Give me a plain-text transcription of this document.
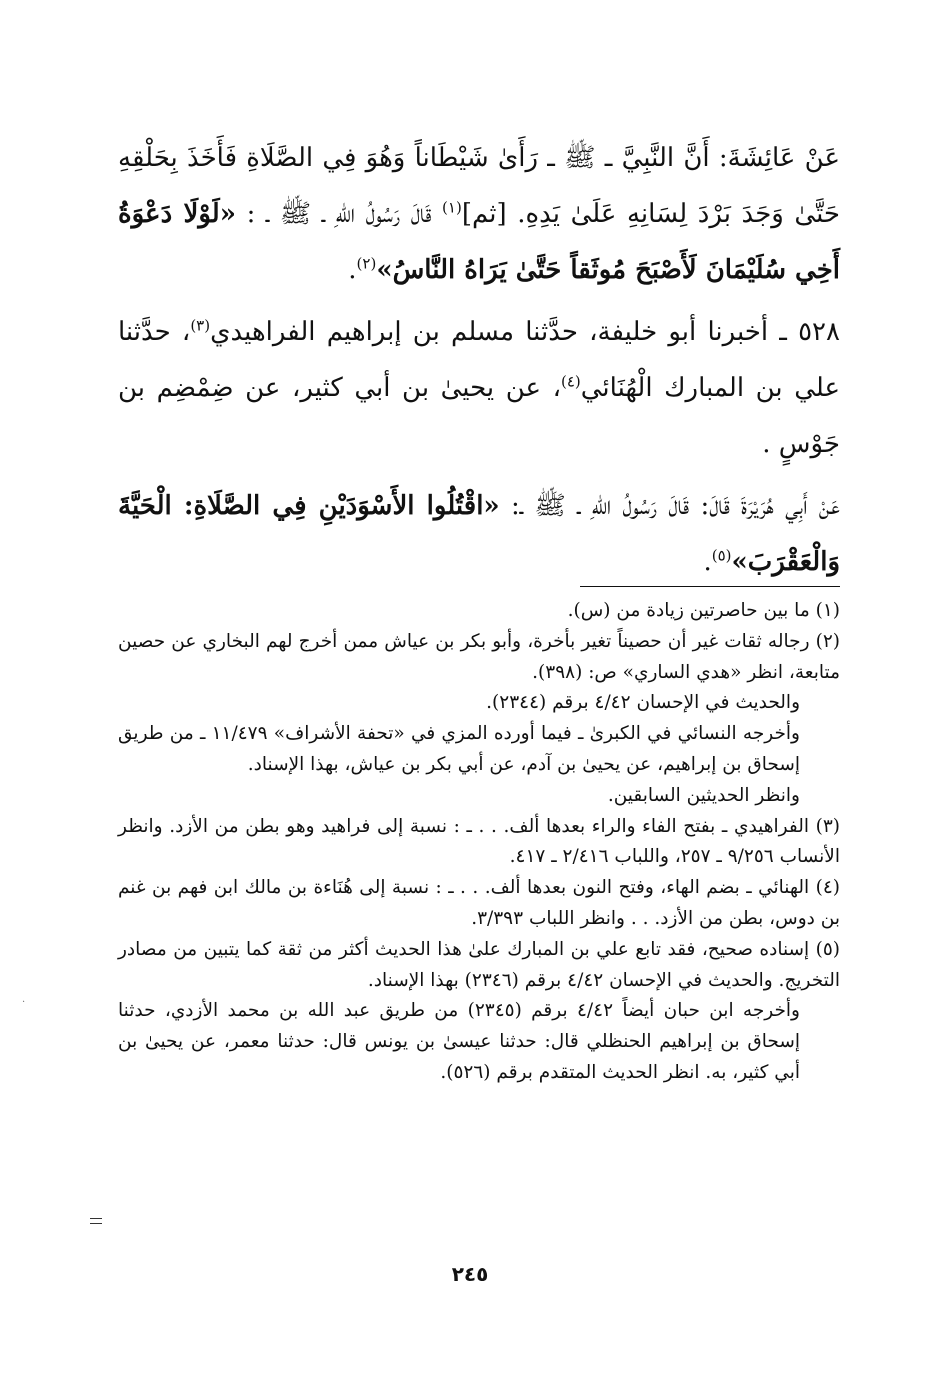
عَنْ عَائِشَةَ: أَنَّ النَّبِيَّ ـ ﷺ ـ رَأَىٰ شَيْطَاناً وَهُوَ فِي الصَّلَاةِ فَأَخَذَ بِحَلْقِهِ حَتَّىٰ وَجَدَ بَرْدَ لِسَانِهِ عَلَىٰ يَدِهِ. [ثم]$^{(١)}$ قَالَ رَسُولُ اللهِ ـ ﷺ ـ : «لَوْلَا دَعْوَةُ أَخِي سُلَيْمَانَ لَأَصْبَحَ مُوثَقاً حَتَّىٰ يَرَاهُ النَّاسُ»$^{(٢)}$.

٥٢٨ ـ أخبرنا أبو خليفة، حدَّثنا مسلم بن إبراهيم الفراهيدي$^{(٣)}$، حدَّثنا علي بن المبارك الْهُنَائي$^{(٤)}$، عن يحيىٰ بن أبي كثير، عن ضِمْضِم بن جَوْسٍ .

عَنْ أَبِي هُرَيْرَةَ قَالَ: قَالَ رَسُولُ اللهِ ـ ﷺ ـ: «اقْتُلُوا الأَسْوَدَيْنِ فِي الصَّلَاةِ: الْحَيَّةَ وَالْعَقْرَبَ»$^{(٥)}$.

(١) ما بين حاصرتين زيادة من (س).

(٢) رجاله ثقات غير أن حصيناً تغير بأخرة، وأبو بكر بن عياش ممن أخرج لهم البخاري عن حصين متابعة، انظر «هدي الساري» ص: (٣٩٨).

والحديث في الإحسان ٤/٤٢ برقم (٢٣٤٤).

وأخرجه النسائي في الكبرىٰ ـ فيما أورده المزي في «تحفة الأشراف» ١١/٤٧٩ ـ من طريق إسحاق بن إبراهيم، عن يحيىٰ بن آدم، عن أبي بكر بن عياش، بهذا الإسناد.

وانظر الحديثين السابقين.

(٣) الفراهيدي ـ بفتح الفاء والراء بعدها ألف. . . ـ : نسبة إلى فراهيد وهو بطن من الأزد. وانظر الأنساب ٩/٢٥٦ ـ ٢٥٧، واللباب ٢/٤١٦ ـ ٤١٧.

(٤) الهنائي ـ بضم الهاء، وفتح النون بعدها ألف. . . ـ : نسبة إلى هُنَاءة بن مالك ابن فهم بن غنم بن دوس، بطن من الأزد. . . وانظر اللباب ٣/٣٩٣.

(٥) إسناده صحيح، فقد تابع علي بن المبارك علىٰ هذا الحديث أكثر من ثقة كما يتبين من مصادر التخريج. والحديث في الإحسان ٤/٤٢ برقم (٢٣٤٦) بهذا الإسناد.

وأخرجه ابن حبان أيضاً ٤/٤٢ برقم (٢٣٤٥) من طريق عبد الله بن محمد الأزدي، حدثنا إسحاق بن إبراهيم الحنظلي قال: حدثنا عيسىٰ بن يونس قال: حدثنا معمر، عن يحيىٰ بن أبي كثير، به. انظر الحديث المتقدم برقم (٥٢٦).

٢٤٥
·
